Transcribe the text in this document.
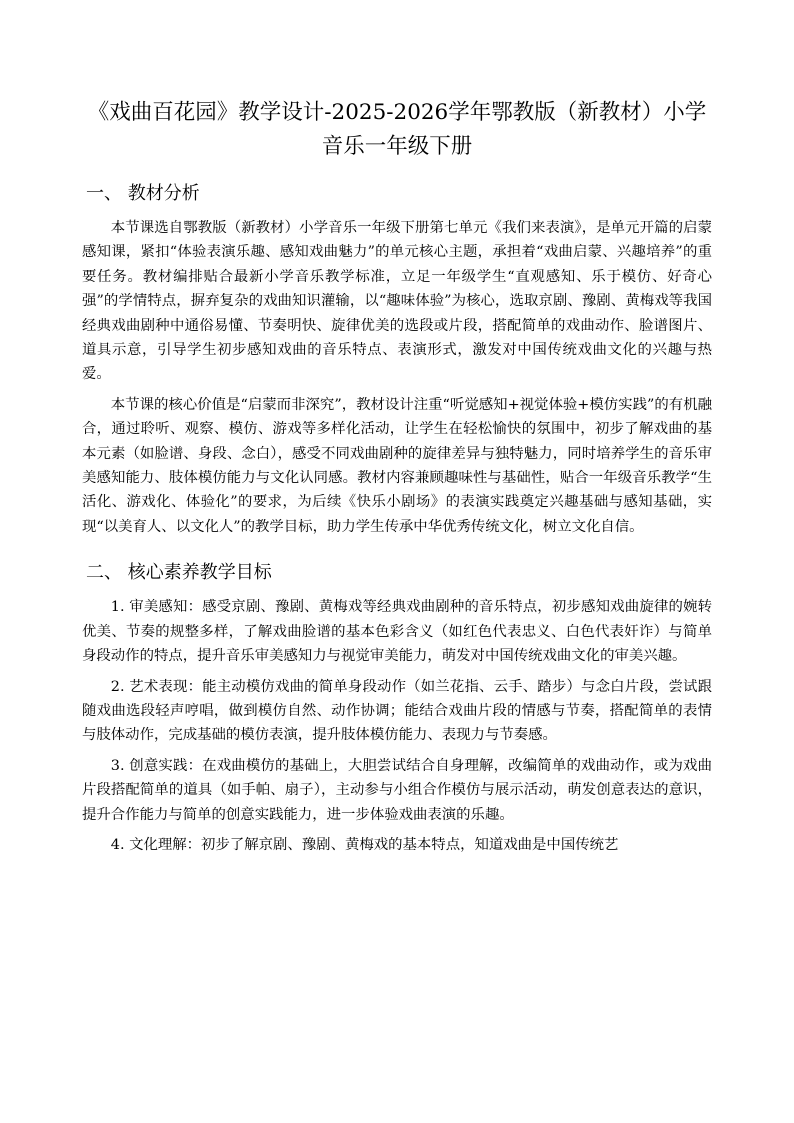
《戏曲百花园》教学设计-2025-2026学年鄂教版（新教材）小学音乐一年级下册
一、 教材分析

本节课选自鄂教版（新教材）小学音乐一年级下册第七单元《我们来表演》，是单元开篇的启蒙感知课，紧扣“体验表演乐趣、感知戏曲魅力”的单元核心主题，承担着“戏曲启蒙、兴趣培养”的重要任务。教材编排贴合最新小学音乐教学标准，立足一年级学生“直观感知、乐于模仿、好奇心强”的学情特点，摒弃复杂的戏曲知识灌输，以“趣味体验”为核心，选取京剧、豫剧、黄梅戏等我国经典戏曲剧种中通俗易懂、节奏明快、旋律优美的选段或片段，搭配简单的戏曲动作、脸谱图片、道具示意，引导学生初步感知戏曲的音乐特点、表演形式，激发对中国传统戏曲文化的兴趣与热爱。

本节课的核心价值是“启蒙而非深究”，教材设计注重“听觉感知+视觉体验+模仿实践”的有机融合，通过聆听、观察、模仿、游戏等多样化活动，让学生在轻松愉快的氛围中，初步了解戏曲的基本元素（如脸谱、身段、念白），感受不同戏曲剧种的旋律差异与独特魅力，同时培养学生的音乐审美感知能力、肢体模仿能力与文化认同感。教材内容兼顾趣味性与基础性，贴合一年级音乐教学“生活化、游戏化、体验化”的要求，为后续《快乐小剧场》的表演实践奠定兴趣基础与感知基础，实现“以美育人、以文化人”的教学目标，助力学生传承中华优秀传统文化，树立文化自信。

二、 核心素养教学目标

1. 审美感知：感受京剧、豫剧、黄梅戏等经典戏曲剧种的音乐特点，初步感知戏曲旋律的婉转优美、节奏的规整多样，了解戏曲脸谱的基本色彩含义（如红色代表忠义、白色代表奸诈）与简单身段动作的特点，提升音乐审美感知力与视觉审美能力，萌发对中国传统戏曲文化的审美兴趣。

2. 艺术表现：能主动模仿戏曲的简单身段动作（如兰花指、云手、踏步）与念白片段，尝试跟随戏曲选段轻声哼唱，做到模仿自然、动作协调；能结合戏曲片段的情感与节奏，搭配简单的表情与肢体动作，完成基础的模仿表演，提升肢体模仿能力、表现力与节奏感。

3. 创意实践：在戏曲模仿的基础上，大胆尝试结合自身理解，改编简单的戏曲动作，或为戏曲片段搭配简单的道具（如手帕、扇子），主动参与小组合作模仿与展示活动，萌发创意表达的意识，提升合作能力与简单的创意实践能力，进一步体验戏曲表演的乐趣。

4. 文化理解：初步了解京剧、豫剧、黄梅戏的基本特点，知道戏曲是中国传统艺
